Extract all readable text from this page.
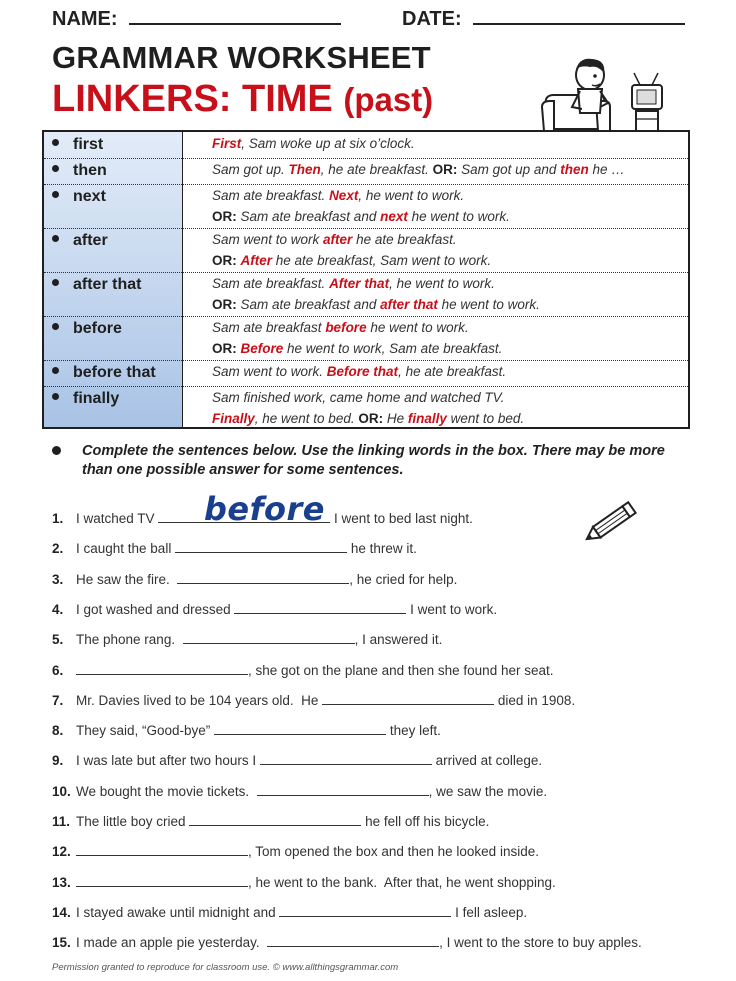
NAME:	DATE:
GRAMMAR WORKSHEET
LINKERS: TIME (past)
first	First, Sam woke up at six o’clock.
then	Sam got up. Then, he ate breakfast. OR: Sam got up and then he …
next	Sam ate breakfast. Next, he went to work.
OR: Sam ate breakfast and next he went to work.
after	Sam went to work after he ate breakfast.
OR: After he ate breakfast, Sam went to work.
after that	Sam ate breakfast. After that, he went to work.
OR: Sam ate breakfast and after that he went to work.
before	Sam ate breakfast before he went to work.
OR: Before he went to work, Sam ate breakfast.
before that	Sam went to work. Before that, he ate breakfast.
finally	Sam finished work, came home and watched TV.
Finally, he went to bed. OR: He finally went to bed.
Complete the sentences below. Use the linking words in the box. There may be more than one possible answer for some sentences.
before
1. I watched TV	I went to bed last night.
2. I caught the ball	he threw it.
3. He saw the fire.	, he cried for help.
4. I got washed and dressed	I went to work.
5. The phone rang.	, I answered it.
6.	, she got on the plane and then she found her seat.
7. Mr. Davies lived to be 104 years old.  He	died in 1908.
8. They said, “Good-bye”	they left.
9. I was late but after two hours I	arrived at college.
10. We bought the movie tickets.	, we saw the movie.
11. The little boy cried	he fell off his bicycle.
12.	, Tom opened the box and then he looked inside.
13.	, he went to the bank.  After that, he went shopping.
14. I stayed awake until midnight and	I fell asleep.
15. I made an apple pie yesterday.	, I went to the store to buy apples.
Permission granted to reproduce for classroom use. © www.allthingsgrammar.com
